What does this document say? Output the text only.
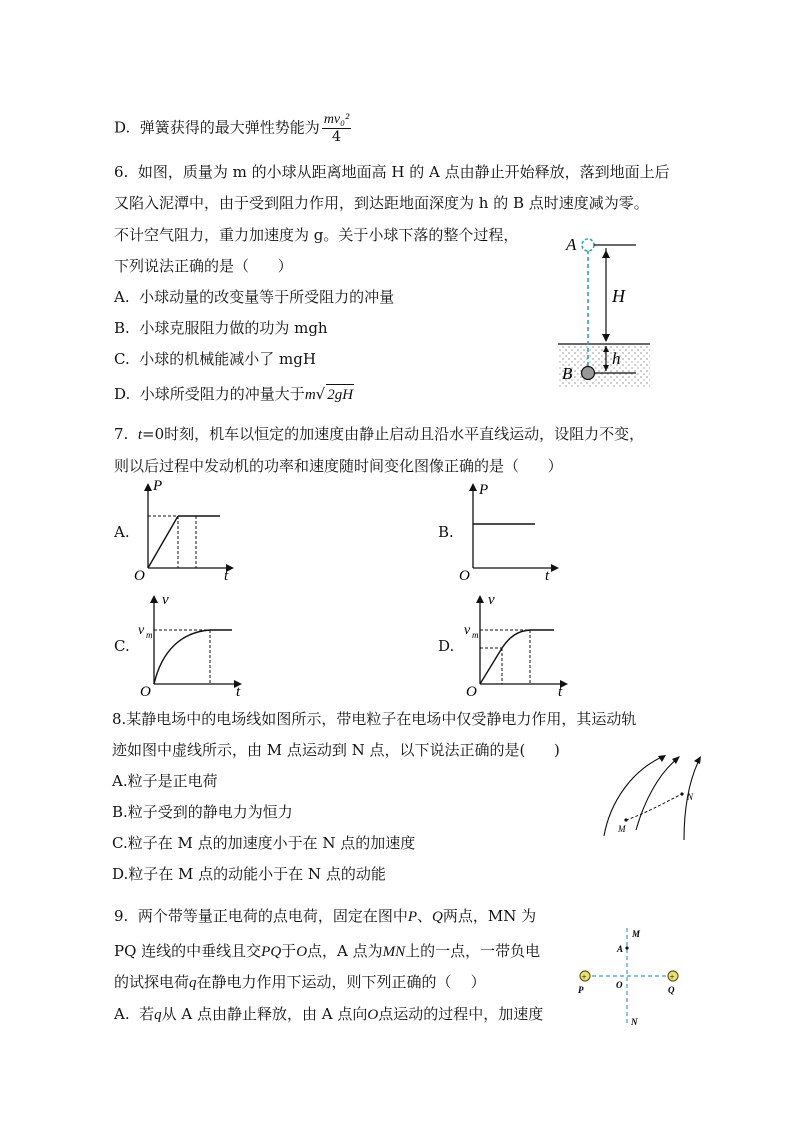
D.  弹簧获得的最大弹性势能为 $\frac{\text{mv₀²}}{4}$
6.  如图，质量为 m 的小球从距离地面高 H 的 A 点由静止开始释放，落到地面上后
又陷入泥潭中，由于受到阻力作用，到达距地面深度为 h 的 B 点时速度减为零。
不计空气阻力，重力加速度为 g。关于小球下落的整个过程，
下列说法正确的是（      ）
A.  小球动量的改变量等于所受阻力的冲量
B.  小球克服阻力做的功为 mgh
C.  小球的机械能减小了 mgH
D.  小球所受阻力的冲量大于m√ 2gH
A
B
H
h
7.  t=0时刻，机车以恒定的加速度由静止启动且沿水平直线运动，设阻力不变，
则以后过程中发动机的功率和速度随时间变化图像正确的是（      ）
A.	B.
C.	D.
P
O	t
P
O	t
v
v m
O	t
v
v m
O	t
8.某静电场中的电场线如图所示，带电粒子在电场中仅受静电力作用，其运动轨
迹如图中虚线所示，由 M 点运动到 N 点，以下说法正确的是(      )
A.粒子是正电荷
B.粒子受到的静电力为恒力
C.粒子在 M 点的加速度小于在 N 点的加速度
D.粒子在 M 点的动能小于在 N 点的动能
M
N
9.  两个带等量正电荷的点电荷，固定在图中P、Q两点，MN 为
PQ 连线的中垂线且交PQ于O点，A 点为MN上的一点，一带负电
的试探电荷q在静电力作用下运动，则下列正确的（    ）
A.  若q从 A 点由静止释放，由 A 点向O点运动的过程中，加速度
+	+
M
A
P	O	Q
N
